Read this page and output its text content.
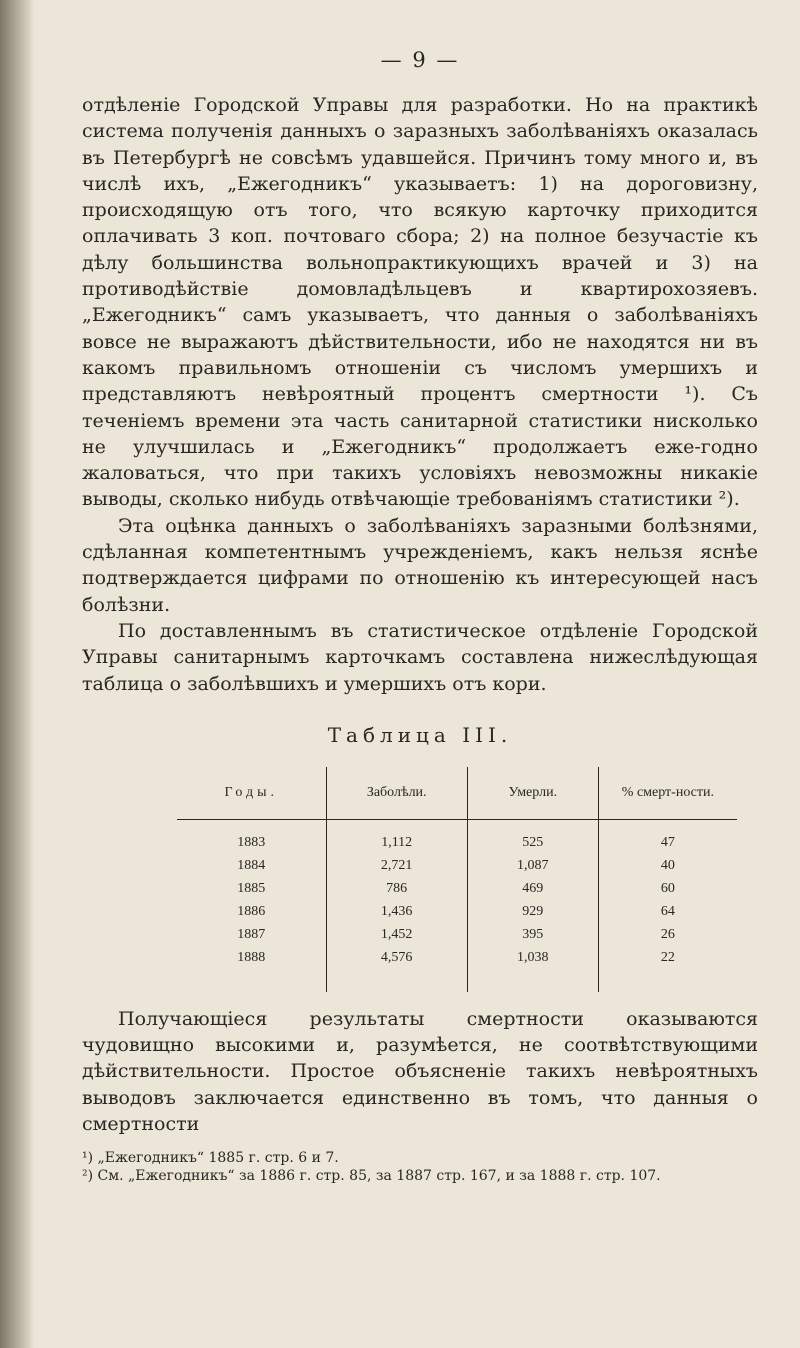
— 9 —

отдѣленіе Городской Управы для разработки. Но на практикѣ система полученія данныхъ о заразныхъ заболѣваніяхъ оказалась въ Петербургѣ не совсѣмъ удавшейся. Причинъ тому много и, въ числѣ ихъ, „Ежегодникъ“ указываетъ: 1) на дороговизну, происходящую отъ того, что всякую карточку приходится оплачивать 3 коп. почтоваго сбора; 2) на полное безучастіе къ дѣлу большинства вольнопрактикующихъ врачей и 3) на противодѣйствіе домовладѣльцевъ и квартирохозяевъ. „Ежегодникъ“ самъ указываетъ, что данныя о заболѣваніяхъ вовсе не выражаютъ дѣйствительности, ибо не находятся ни въ какомъ правильномъ отношеніи съ числомъ умершихъ и представляютъ невѣроятный процентъ смертности ¹). Съ теченіемъ времени эта часть санитарной статистики нисколько не улучшилась и „Ежегодникъ“ продолжаетъ еже-годно жаловаться, что при такихъ условіяхъ невозможны никакіе выводы, сколько нибудь отвѣчающіе требованіямъ статистики ²).

Эта оцѣнка данныхъ о заболѣваніяхъ заразными болѣзнями, сдѣланная компетентнымъ учрежденіемъ, какъ нельзя яснѣе подтверждается цифрами по отношенію къ интересующей насъ болѣзни.

По доставленнымъ въ статистическое отдѣленіе Городской Управы санитарнымъ карточкамъ составлена нижеслѣдующая таблица о заболѣвшихъ и умершихъ отъ кори.

Таблица III.
Годы.	Заболѣли.	Умерли.	% смерт-ности.
1883	1,112	525	47
1884	2,721	1,087	40
1885	786	469	60
1886	1,436	929	64
1887	1,452	395	26
1888	4,576	1,038	22

Получающіеся результаты смертности оказываются чудовищно высокими и, разумѣется, не соотвѣтствующими дѣйствительности. Простое объясненіе такихъ невѣроятныхъ выводовъ заключается единственно въ томъ, что данныя о смертности

¹) „Ежегодникъ“ 1885 г. стр. 6 и 7.
²) См. „Ежегодникъ“ за 1886 г. стр. 85, за 1887 стр. 167, и за 1888 г. стр. 107.
